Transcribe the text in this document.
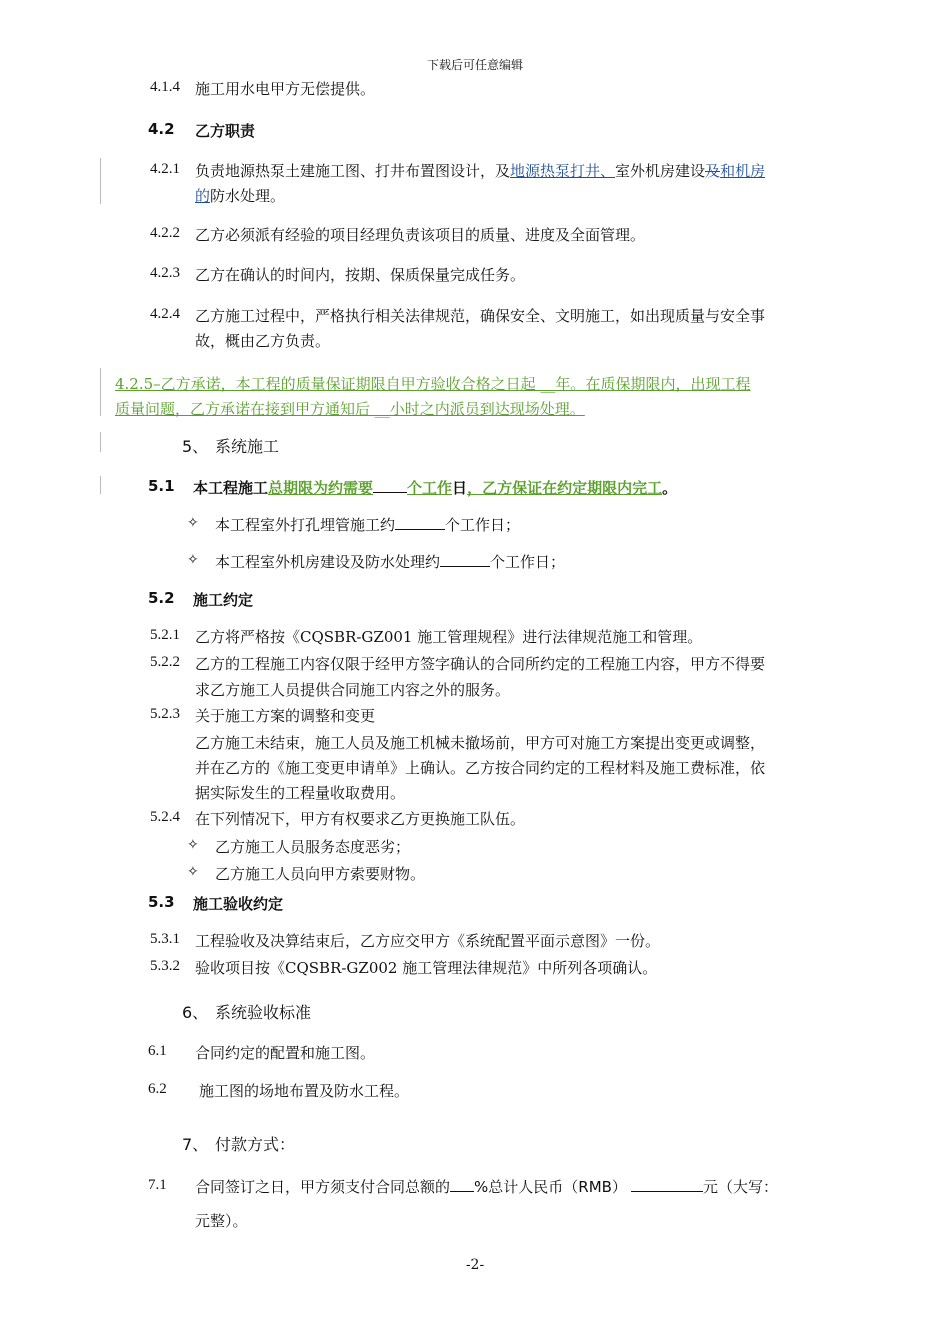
下载后可任意编辑
4.1.4 施工用水电甲方无偿提供。
4.2 乙方职责
4.2.1 负责地源热泵土建施工图、打井布置图设计，及地源热泵打井、室外机房建设及和机房
的防水处理。
4.2.2 乙方必须派有经验的项目经理负责该项目的质量、进度及全面管理。
4.2.3 乙方在确认的时间内，按期、保质保量完成任务。
4.2.4 乙方施工过程中，严格执行相关法律规范，确保安全、文明施工，如出现质量与安全事
故，概由乙方负责。
4.2.5–乙方承诺，本工程的质量保证期限自甲方验收合格之日起 __年。在质保期限内，出现工程
质量问题，乙方承诺在接到甲方通知后 __小时之内派员到达现场处理。
5、 系统施工
5.1 本工程施工总期限为约需要 个工作日，乙方保证在约定期限内完工。
✧ 本工程室外打孔埋管施工约	个工作日；
✧ 本工程室外机房建设及防水处理约	个工作日；
5.2 施工约定
5.2.1 乙方将严格按《CQSBR-GZ001 施工管理规程》进行法律规范施工和管理。
5.2.2 乙方的工程施工内容仅限于经甲方签字确认的合同所约定的工程施工内容，甲方不得要
求乙方施工人员提供合同施工内容之外的服务。
5.2.3 关于施工方案的调整和变更
乙方施工未结束，施工人员及施工机械未撤场前，甲方可对施工方案提出变更或调整，
并在乙方的《施工变更申请单》上确认。乙方按合同约定的工程材料及施工费标准，依
据实际发生的工程量收取费用。
5.2.4 在下列情况下，甲方有权要求乙方更换施工队伍。
✧ 乙方施工人员服务态度恶劣；
✧ 乙方施工人员向甲方索要财物。
5.3 施工验收约定
5.3.1 工程验收及决算结束后，乙方应交甲方《系统配置平面示意图》一份。
5.3.2 验收项目按《CQSBR-GZ002 施工管理法律规范》中所列各项确认。
6、 系统验收标准
6.1 合同约定的配置和施工图。
6.2 施工图的场地布置及防水工程。
7、 付款方式：
7.1 合同签订之日，甲方须支付合同总额的 %总计人民币（RMB）	元（大写：
元整）。
-2-
